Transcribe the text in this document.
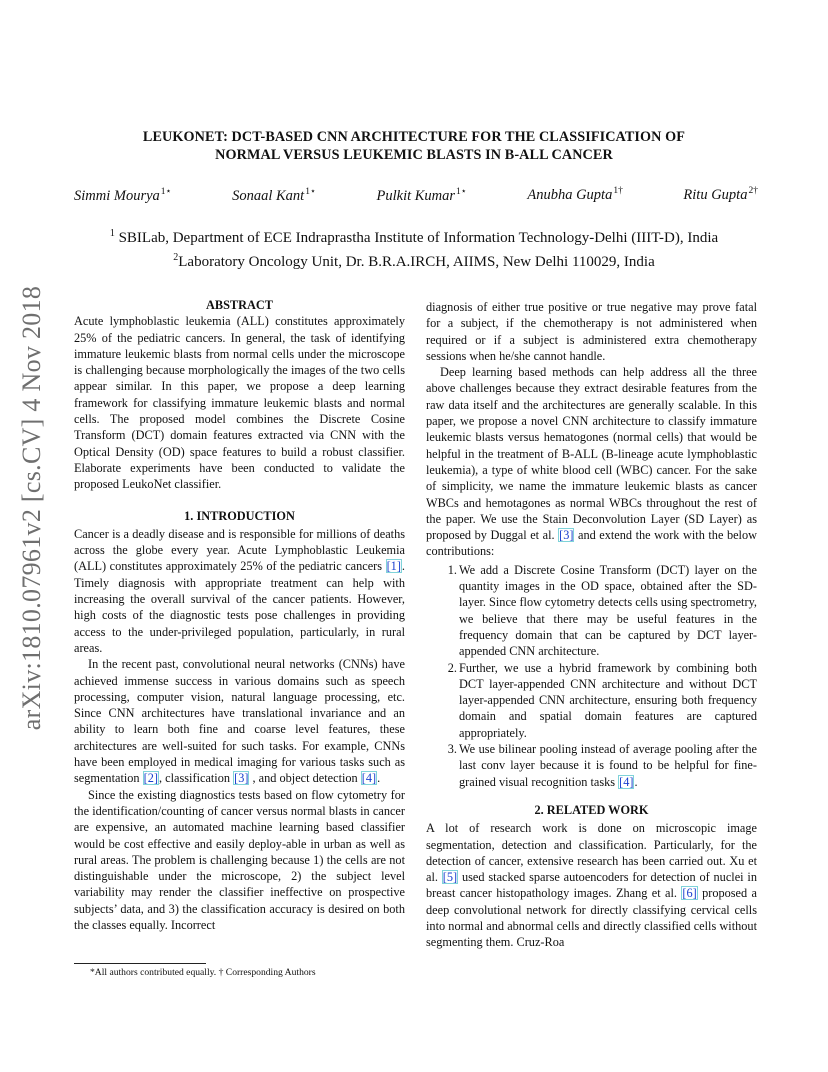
arXiv:1810.07961v2 [cs.CV] 4 Nov 2018
LEUKONET: DCT-BASED CNN ARCHITECTURE FOR THE CLASSIFICATION OF
NORMAL VERSUS LEUKEMIC BLASTS IN B-ALL CANCER
Simmi Mourya$^{1⋆}$	Sonaal Kant$^{1⋆}$	Pulkit Kumar$^{1⋆}$	Anubha Gupta$^{1\dagger}$	Ritu Gupta$^{2\dagger}$
$^1$ SBILab, Department of ECE Indraprastha Institute of Information Technology-Delhi (IIIT-D), India
$^2$Laboratory Oncology Unit, Dr. B.R.A.IRCH, AIIMS, New Delhi 110029, India
ABSTRACT

Acute lymphoblastic leukemia (ALL) constitutes approximately 25% of the pediatric cancers. In general, the task of identifying immature leukemic blasts from normal cells under the microscope is challenging because morphologically the images of the two cells appear similar. In this paper, we propose a deep learning framework for classifying immature leukemic blasts and normal cells. The proposed model combines the Discrete Cosine Transform (DCT) domain features extracted via CNN with the Optical Density (OD) space features to build a robust classifier. Elaborate experiments have been conducted to validate the proposed LeukoNet classifier.

1. INTRODUCTION

Cancer is a deadly disease and is responsible for millions of deaths across the globe every year. Acute Lymphoblastic Leukemia (ALL) constitutes approximately 25% of the pediatric cancers [1]. Timely diagnosis with appropriate treatment can help with increasing the overall survival of the cancer patients. However, high costs of the diagnostic tests pose challenges in providing access to the under-privileged population, particularly, in rural areas.

In the recent past, convolutional neural networks (CNNs) have achieved immense success in various domains such as speech processing, computer vision, natural language processing, etc. Since CNN architectures have translational invariance and an ability to learn both fine and coarse level features, these architectures are well-suited for such tasks. For example, CNNs have been employed in medical imaging for various tasks such as segmentation [2], classification [3] , and object detection [4].

Since the existing diagnostics tests based on flow cytometry for the identification/counting of cancer versus normal blasts in cancer are expensive, an automated machine learning based classifier would be cost effective and easily deploy-able in urban as well as rural areas. The problem is challenging because 1) the cells are not distinguishable under the microscope, 2) the subject level variability may render the classifier ineffective on prospective subjects’ data, and 3) the classification accuracy is desired on both the classes equally. Incorrect

diagnosis of either true positive or true negative may prove fatal for a subject, if the chemotherapy is not administered when required or if a subject is administered extra chemotherapy sessions when he/she cannot handle.

Deep learning based methods can help address all the three above challenges because they extract desirable features from the raw data itself and the architectures are generally scalable. In this paper, we propose a novel CNN architecture to classify immature leukemic blasts versus hematogones (normal cells) that would be helpful in the treatment of B-ALL (B-lineage acute lymphoblastic leukemia), a type of white blood cell (WBC) cancer. For the sake of simplicity, we name the immature leukemic blasts as cancer WBCs and hemotagones as normal WBCs throughout the rest of the paper. We use the Stain Deconvolution Layer (SD Layer) as proposed by Duggal et al. [3] and extend the work with the below contributions:

1. We add a Discrete Cosine Transform (DCT) layer on the quantity images in the OD space, obtained after the SD-layer. Since flow cytometry detects cells using spectrometry, we believe that there may be useful features in the frequency domain that can be captured by DCT layer-appended CNN architecture.
2. Further, we use a hybrid framework by combining both DCT layer-appended CNN architecture and without DCT layer-appended CNN architecture, ensuring both frequency domain and spatial domain features are captured appropriately.
3. We use bilinear pooling instead of average pooling after the last conv layer because it is found to be helpful for fine-grained visual recognition tasks [4].
2. RELATED WORK

A lot of research work is done on microscopic image segmentation, detection and classification. Particularly, for the detection of cancer, extensive research has been carried out. Xu et al. [5] used stacked sparse autoencoders for detection of nuclei in breast cancer histopathology images. Zhang et al. [6] proposed a deep convolutional network for directly classifying cervical cells into normal and abnormal cells and directly classified cells without segmenting them. Cruz-Roa

*All authors contributed equally. † Corresponding Authors
